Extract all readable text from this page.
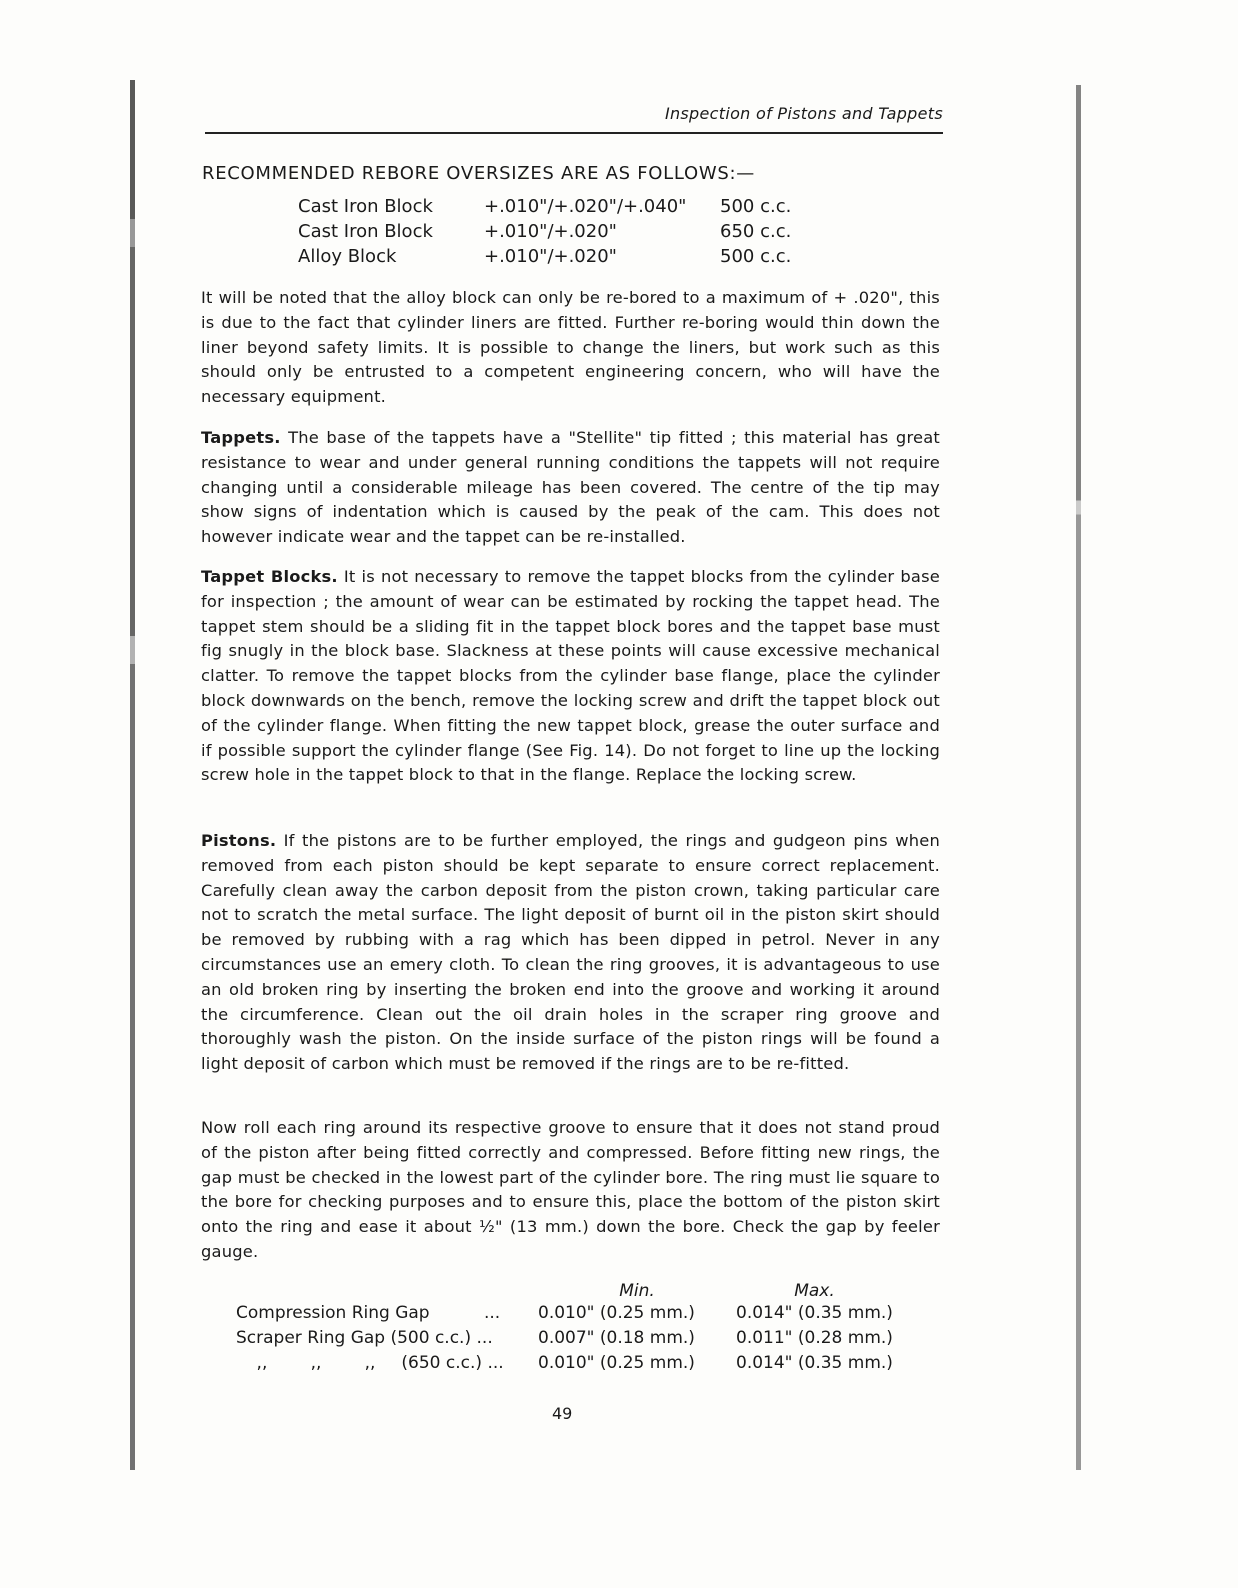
Inspection of Pistons and Tappets
RECOMMENDED REBORE OVERSIZES ARE AS FOLLOWS:—
Cast Iron Block	+.010"/+.020"/+.040"	500 c.c.
Cast Iron Block	+.010"/+.020"	650 c.c.
Alloy Block	+.010"/+.020"	500 c.c.

It will be noted that the alloy block can only be re-bored to a maximum of + .020", this is due to the fact that cylinder liners are fitted. Further re-boring would thin down the liner beyond safety limits. It is possible to change the liners, but work such as this should only be entrusted to a competent engineering concern, who will have the necessary equipment.

Tappets. The base of the tappets have a "Stellite" tip fitted ; this material has great resistance to wear and under general running conditions the tappets will not require changing until a considerable mileage has been covered. The centre of the tip may show signs of indentation which is caused by the peak of the cam. This does not however indicate wear and the tappet can be re-installed.

Tappet Blocks. It is not necessary to remove the tappet blocks from the cylinder base for inspection ; the amount of wear can be estimated by rocking the tappet head. The tappet stem should be a sliding fit in the tappet block bores and the tappet base must fig snugly in the block base. Slackness at these points will cause excessive mechanical clatter. To remove the tappet blocks from the cylinder base flange, place the cylinder block downwards on the bench, remove the locking screw and drift the tappet block out of the cylinder flange. When fitting the new tappet block, grease the outer surface and if possible support the cylinder flange (See Fig. 14). Do not forget to line up the locking screw hole in the tappet block to that in the flange. Replace the locking screw.

Pistons. If the pistons are to be further employed, the rings and gudgeon pins when removed from each piston should be kept separate to ensure correct replacement. Carefully clean away the carbon deposit from the piston crown, taking particular care not to scratch the metal surface. The light deposit of burnt oil in the piston skirt should be removed by rubbing with a rag which has been dipped in petrol. Never in any circumstances use an emery cloth. To clean the ring grooves, it is advantageous to use an old broken ring by inserting the broken end into the groove and working it around the circumference. Clean out the oil drain holes in the scraper ring groove and thoroughly wash the piston. On the inside surface of the piston rings will be found a light deposit of carbon which must be removed if the rings are to be re-fitted.

Now roll each ring around its respective groove to ensure that it does not stand proud of the piston after being fitted correctly and compressed. Before fitting new rings, the gap must be checked in the lowest part of the cylinder bore. The ring must lie square to the bore for checking purposes and to ensure this, place the bottom of the piston skirt onto the ring and ease it about ½" (13 mm.) down the bore. Check the gap by feeler gauge.

	Min.	Max.
Compression Ring Gap ...	0.010" (0.25 mm.)	0.014" (0.35 mm.)
Scraper Ring Gap (500 c.c.) ...	0.007" (0.18 mm.)	0.011" (0.28 mm.)
,,        ,,        ,, (650 c.c.) ...	0.010" (0.25 mm.)	0.014" (0.35 mm.)
49
